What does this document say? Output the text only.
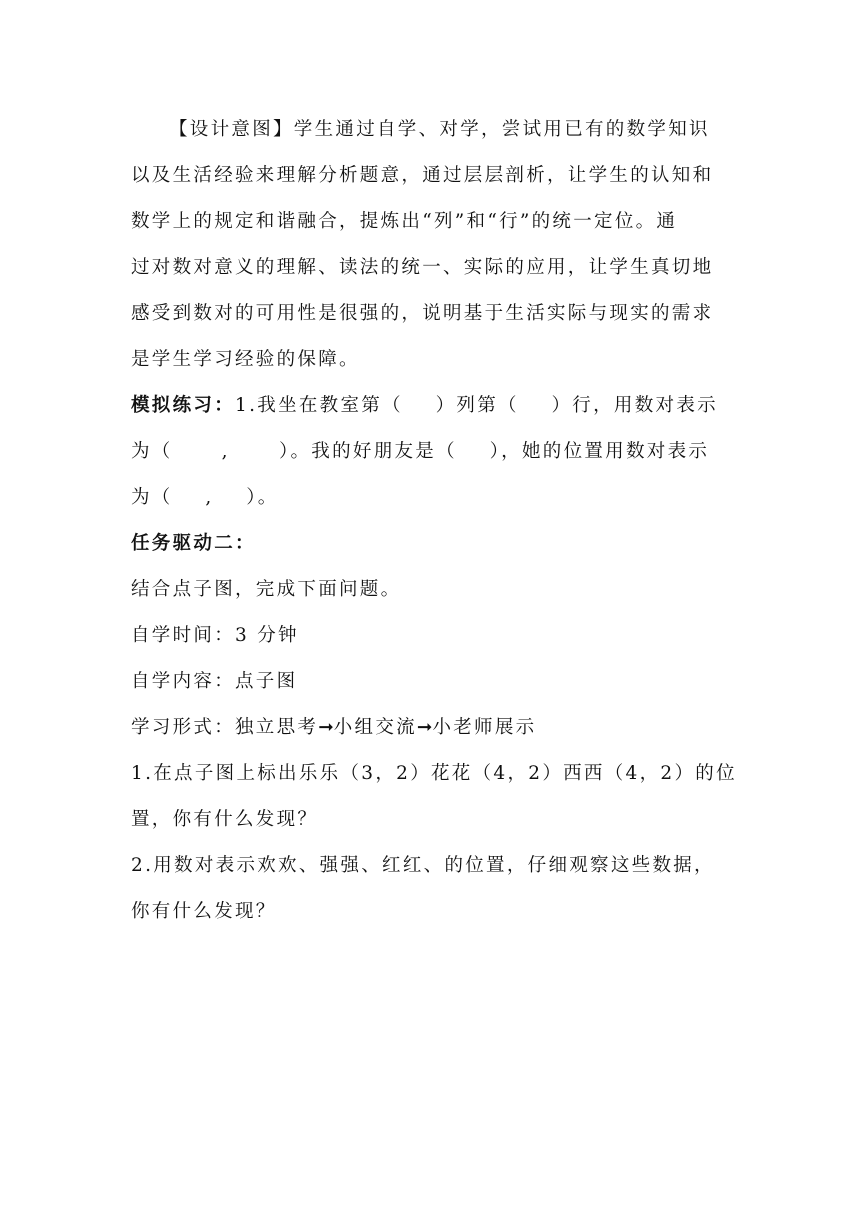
【设计意图】学生通过自学、对学，尝试用已有的数学知识
以及生活经验来理解分析题意，通过层层剖析，让学生的认知和
数学上的规定和谐融合，提炼出“列”和“行”的统一定位。通
过对数对意义的理解、读法的统一、实际的应用，让学生真切地
感受到数对的可用性是很强的，说明基于生活实际与现实的需求
是学生学习经验的保障。
模拟练习：1.我坐在教室第（    ）列第（    ）行，用数对表示
为（      ,      ）。我的好朋友是（    ），她的位置用数对表示
为（    ,    ）。
任务驱动二：
结合点子图，完成下面问题。
自学时间：3 分钟
自学内容：点子图
学习形式：独立思考➞小组交流➞小老师展示
1.在点子图上标出乐乐（3，2）花花（4，2）西西（4，2）的位
置，你有什么发现？
2.用数对表示欢欢、强强、红红、的位置，仔细观察这些数据，
你有什么发现？
